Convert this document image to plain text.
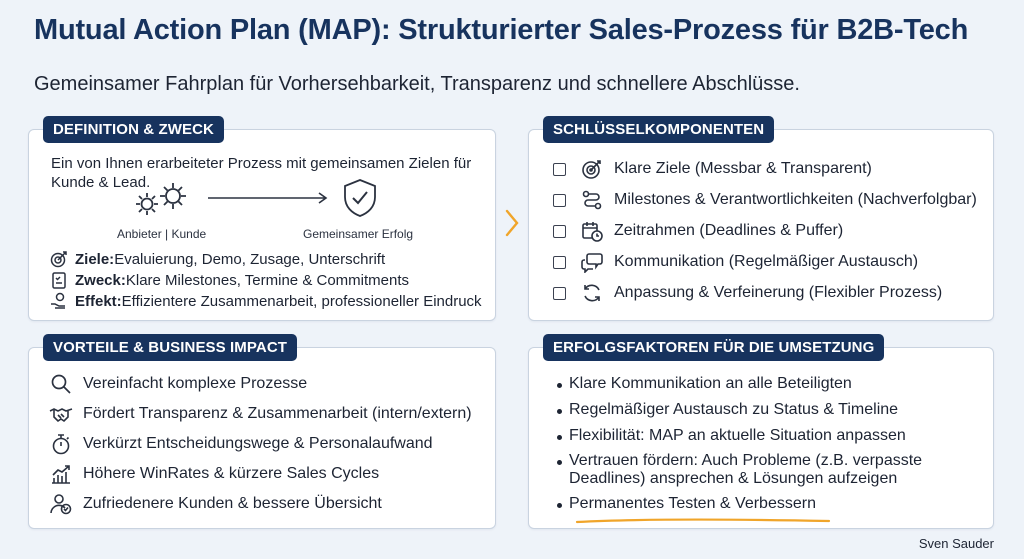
Mutual Action Plan (MAP): Strukturierter Sales-Prozess für B2B-Tech
Gemeinsamer Fahrplan für Vorhersehbarkeit, Transparenz und schnellere Abschlüsse.
DEFINITION & ZWECK
Ein von Ihnen erarbeiteter Prozess mit gemeinsamen Zielen für
Kunde & Lead.
Anbieter | Kunde	Gemeinsamer Erfolg
Ziele: Evaluierung, Demo, Zusage, Unterschrift
Zweck: Klare Milestones, Termine & Commitments
Effekt: Effizientere Zusammenarbeit, professioneller Eindruck
SCHLÜSSELKOMPONENTEN
Klare Ziele (Messbar & Transparent)
Milestones & Verantwortlichkeiten (Nachverfolgbar)
Zeitrahmen (Deadlines & Puffer)
Kommunikation (Regelmäßiger Austausch)
Anpassung & Verfeinerung (Flexibler Prozess)
VORTEILE & BUSINESS IMPACT
Vereinfacht komplexe Prozesse
Fördert Transparenz & Zusammenarbeit (intern/extern)
Verkürzt Entscheidungswege & Personalaufwand
Höhere WinRates & kürzere Sales Cycles
Zufriedenere Kunden & bessere Übersicht
ERFOLGSFAKTOREN FÜR DIE UMSETZUNG
Klare Kommunikation an alle Beteiligten
Regelmäßiger Austausch zu Status & Timeline
Flexibilität: MAP an aktuelle Situation anpassen
Vertrauen fördern: Auch Probleme (z.B. verpasste
Deadlines) ansprechen & Lösungen aufzeigen
Permanentes Testen & Verbessern
Sven Sauder
